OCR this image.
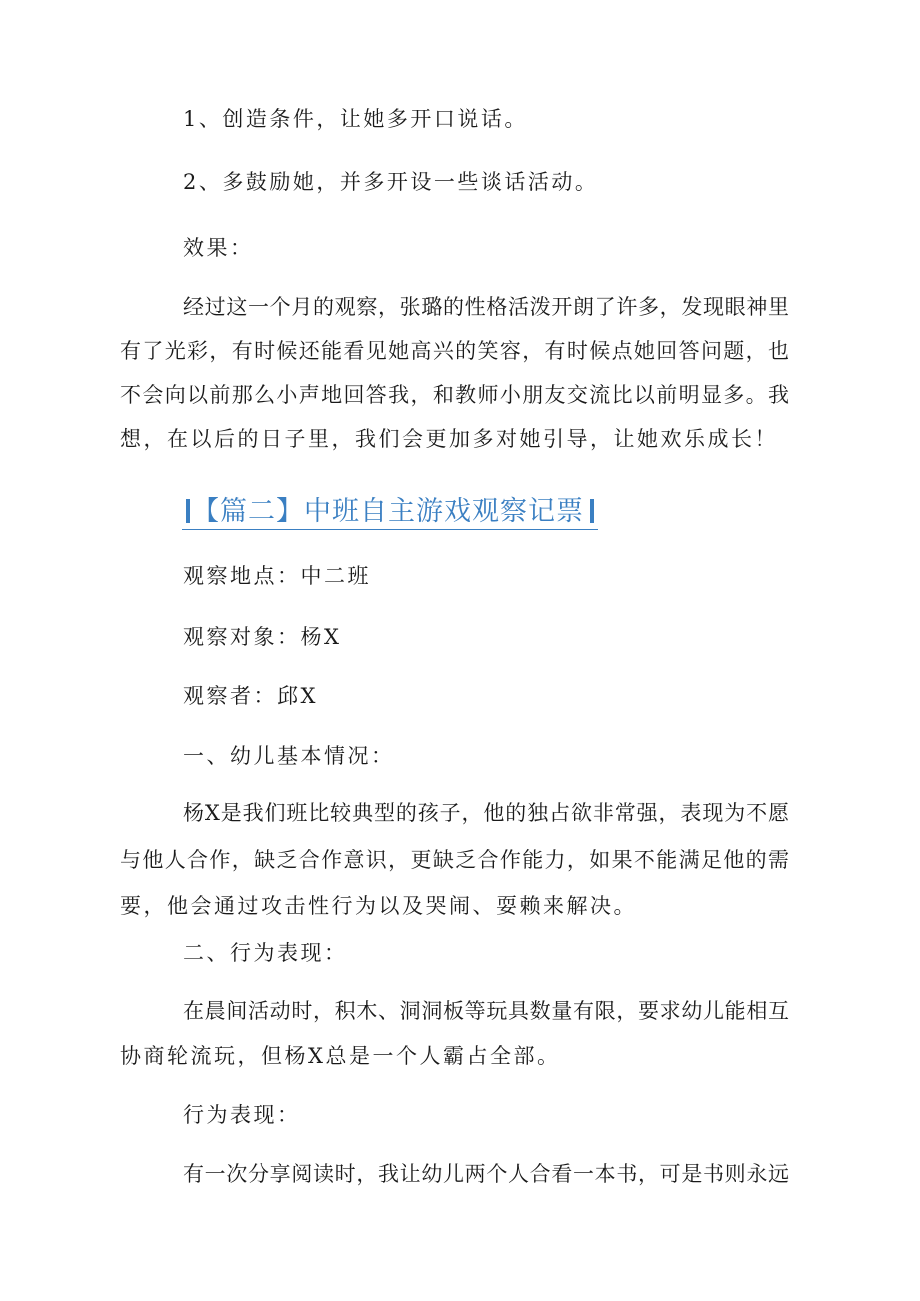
1、创造条件，让她多开口说话。
2、多鼓励她，并多开设一些谈话活动。
效果：
经过这一个月的观察，张璐的性格活泼开朗了许多，发现眼神里
有了光彩，有时候还能看见她高兴的笑容，有时候点她回答问题，也
不会向以前那么小声地回答我，和教师小朋友交流比以前明显多。我
想，在以后的日子里，我们会更加多对她引导，让她欢乐成长！
【篇二】中班自主游戏观察记票
观察地点：中二班
观察对象：杨X
观察者：邱X
一、幼儿基本情况：
杨X是我们班比较典型的孩子，他的独占欲非常强，表现为不愿
与他人合作，缺乏合作意识，更缺乏合作能力，如果不能满足他的需
要，他会通过攻击性行为以及哭闹、耍赖来解决。
二、行为表现：
在晨间活动时，积木、洞洞板等玩具数量有限，要求幼儿能相互
协商轮流玩，但杨X总是一个人霸占全部。
行为表现：
有一次分享阅读时，我让幼儿两个人合看一本书，可是书则永远
